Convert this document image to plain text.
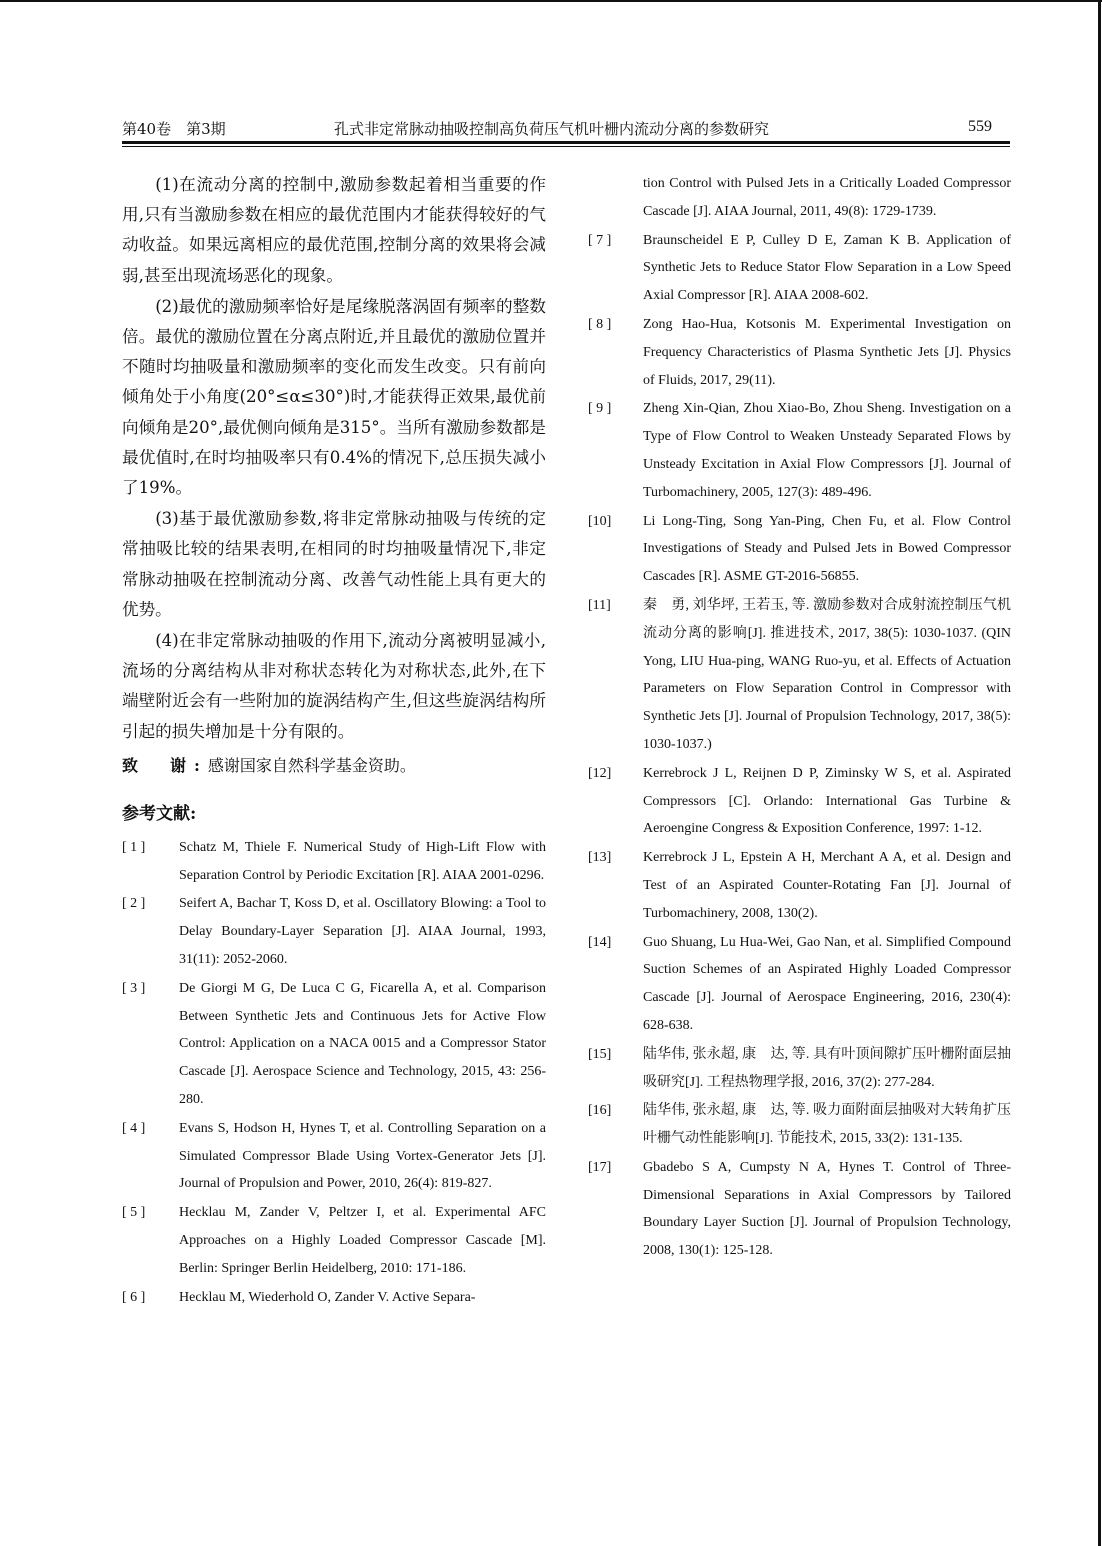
第40卷　第3期	孔式非定常脉动抽吸控制高负荷压气机叶栅内流动分离的参数研究	559

(1)在流动分离的控制中,激励参数起着相当重要的作用,只有当激励参数在相应的最优范围内才能获得较好的气动收益。如果远离相应的最优范围,控制分离的效果将会减弱,甚至出现流场恶化的现象。

(2)最优的激励频率恰好是尾缘脱落涡固有频率的整数倍。最优的激励位置在分离点附近,并且最优的激励位置并不随时均抽吸量和激励频率的变化而发生改变。只有前向倾角处于小角度(20°≤α≤30°)时,才能获得正效果,最优前向倾角是20°,最优侧向倾角是315°。当所有激励参数都是最优值时,在时均抽吸率只有0.4%的情况下,总压损失减小了19%。

(3)基于最优激励参数,将非定常脉动抽吸与传统的定常抽吸比较的结果表明,在相同的时均抽吸量情况下,非定常脉动抽吸在控制流动分离、改善气动性能上具有更大的优势。

(4)在非定常脉动抽吸的作用下,流动分离被明显减小,流场的分离结构从非对称状态转化为对称状态,此外,在下端壁附近会有一些附加的旋涡结构产生,但这些旋涡结构所引起的损失增加是十分有限的。

致　谢:感谢国家自然科学基金资助。
参考文献:
[ 1 ] Schatz M, Thiele F. Numerical Study of High-Lift Flow with Separation Control by Periodic Excitation [R]. AIAA 2001-0296.
[ 2 ] Seifert A, Bachar T, Koss D, et al. Oscillatory Blowing: a Tool to Delay Boundary-Layer Separation [J]. AIAA Journal, 1993, 31(11): 2052-2060.
[ 3 ] De Giorgi M G, De Luca C G, Ficarella A, et al. Comparison Between Synthetic Jets and Continuous Jets for Active Flow Control: Application on a NACA 0015 and a Compressor Stator Cascade [J]. Aerospace Science and Technology, 2015, 43: 256-280.
[ 4 ] Evans S, Hodson H, Hynes T, et al. Controlling Separation on a Simulated Compressor Blade Using Vortex-Generator Jets [J]. Journal of Propulsion and Power, 2010, 26(4): 819-827.
[ 5 ] Hecklau M, Zander V, Peltzer I, et al. Experimental AFC Approaches on a Highly Loaded Compressor Cascade [M]. Berlin: Springer Berlin Heidelberg, 2010: 171-186.
[ 6 ] Hecklau M, Wiederhold O, Zander V. Active Separa-
tion Control with Pulsed Jets in a Critically Loaded Compressor Cascade [J]. AIAA Journal, 2011, 49(8): 1729-1739.
[ 7 ] Braunscheidel E P, Culley D E, Zaman K B. Application of Synthetic Jets to Reduce Stator Flow Separation in a Low Speed Axial Compressor [R]. AIAA 2008-602.
[ 8 ] Zong Hao-Hua, Kotsonis M. Experimental Investigation on Frequency Characteristics of Plasma Synthetic Jets [J]. Physics of Fluids, 2017, 29(11).
[ 9 ] Zheng Xin-Qian, Zhou Xiao-Bo, Zhou Sheng. Investigation on a Type of Flow Control to Weaken Unsteady Separated Flows by Unsteady Excitation in Axial Flow Compressors [J]. Journal of Turbomachinery, 2005, 127(3): 489-496.
[10] Li Long-Ting, Song Yan-Ping, Chen Fu, et al. Flow Control Investigations of Steady and Pulsed Jets in Bowed Compressor Cascades [R]. ASME GT-2016-56855.
[11] 秦　勇, 刘华坪, 王若玉, 等. 激励参数对合成射流控制压气机流动分离的影响[J]. 推进技术, 2017, 38(5): 1030-1037. (QIN Yong, LIU Hua-ping, WANG Ruo-yu, et al. Effects of Actuation Parameters on Flow Separation Control in Compressor with Synthetic Jets [J]. Journal of Propulsion Technology, 2017, 38(5): 1030-1037.)
[12] Kerrebrock J L, Reijnen D P, Ziminsky W S, et al. Aspirated Compressors [C]. Orlando: International Gas Turbine & Aeroengine Congress & Exposition Conference, 1997: 1-12.
[13] Kerrebrock J L, Epstein A H, Merchant A A, et al. Design and Test of an Aspirated Counter-Rotating Fan [J]. Journal of Turbomachinery, 2008, 130(2).
[14] Guo Shuang, Lu Hua-Wei, Gao Nan, et al. Simplified Compound Suction Schemes of an Aspirated Highly Loaded Compressor Cascade [J]. Journal of Aerospace Engineering, 2016, 230(4): 628-638.
[15] 陆华伟, 张永超, 康　达, 等. 具有叶顶间隙扩压叶栅附面层抽吸研究[J]. 工程热物理学报, 2016, 37(2): 277-284.
[16] 陆华伟, 张永超, 康　达, 等. 吸力面附面层抽吸对大转角扩压叶栅气动性能影响[J]. 节能技术, 2015, 33(2): 131-135.
[17] Gbadebo S A, Cumpsty N A, Hynes T. Control of Three-Dimensional Separations in Axial Compressors by Tailored Boundary Layer Suction [J]. Journal of Propulsion Technology, 2008, 130(1): 125-128.
